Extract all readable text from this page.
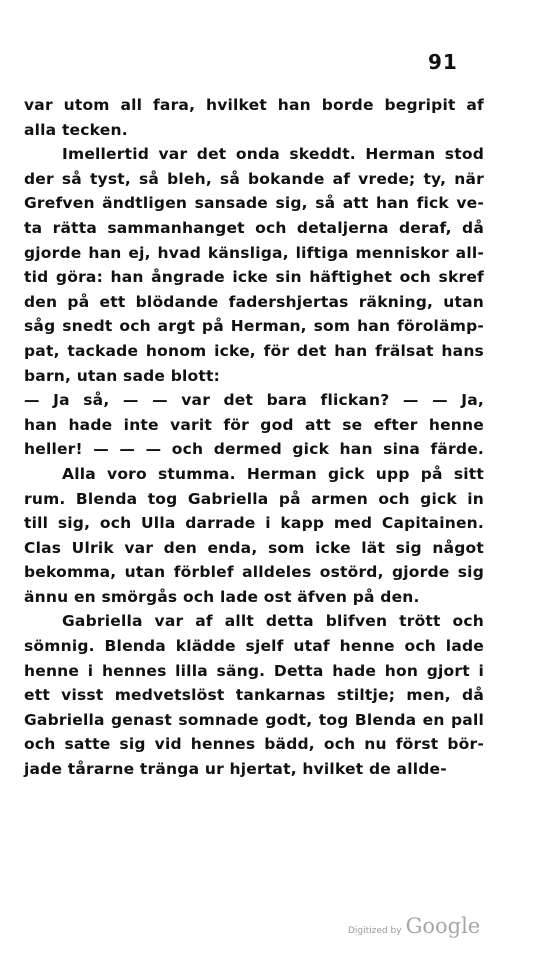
91
var utom all fara, hvilket han borde begripit af
alla tecken.
Imellertid var det onda skeddt. Herman stod
der så tyst, så bleh, så bokande af vrede; ty, när
Grefven ändtligen sansade sig, så att han fick ve-
ta rätta sammanhanget och detaljerna deraf, då
gjorde han ej, hvad känsliga, liftiga menniskor all-
tid göra: han ångrade icke sin häftighet och skref
den på ett blödande fadershjertas räkning, utan
såg snedt och argt på Herman, som han förolämp-
pat, tackade honom icke, för det han frälsat hans
barn, utan sade blott:
— Ja så, — — var det bara flickan? — — Ja,
han hade inte varit för god att se efter henne
heller! — — — och dermed gick han sina färde.
Alla voro stumma. Herman gick upp på sitt
rum. Blenda tog Gabriella på armen och gick in
till sig, och Ulla darrade i kapp med Capitainen.
Clas Ulrik var den enda, som icke lät sig något
bekomma, utan förblef alldeles ostörd, gjorde sig
ännu en smörgås och lade ost äfven på den.
Gabriella var af allt detta blifven trött och
sömnig. Blenda klädde sjelf utaf henne och lade
henne i hennes lilla säng. Detta hade hon gjort i
ett visst medvetslöst tankarnas stiltje; men, då
Gabriella genast somnade godt, tog Blenda en pall
och satte sig vid hennes bädd, och nu först bör-
jade tårarne tränga ur hjertat, hvilket de allde-
Digitized by Google
